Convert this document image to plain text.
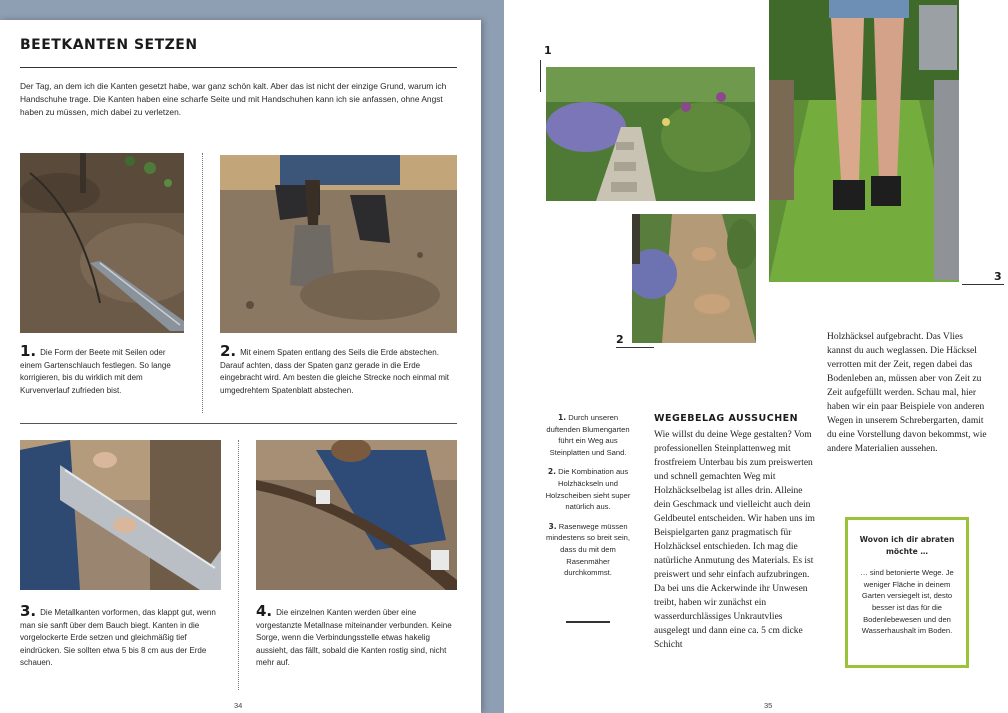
BEETKANTEN SETZEN
Der Tag, an dem ich die Kanten gesetzt habe, war ganz schön kalt. Aber das ist nicht der einzige Grund, warum ich Handschuhe trage. Die Kanten haben eine scharfe Seite und mit Handschuhen kann ich sie anfassen, ohne Angst haben zu müssen, mich dabei zu verletzen.
1. Die Form der Beete mit Seilen oder einem Gartenschlauch festlegen. So lange korrigieren, bis du wirklich mit dem Kurvenverlauf zufrieden bist.
2. Mit einem Spaten entlang des Seils die Erde abstechen. Darauf achten, dass der Spaten ganz gerade in die Erde eingebracht wird. Am besten die gleiche Strecke noch einmal mit umgedrehtem Spatenblatt abstechen.
3. Die Metallkanten vorformen, das klappt gut, wenn man sie sanft über dem Bauch biegt. Kanten in die vorgelockerte Erde setzen und gleichmäßig tief eindrücken. Sie sollten etwa 5 bis 8 cm aus der Erde schauen.
4. Die einzelnen Kanten werden über eine vorgestanzte Metallnase miteinander verbunden. Keine Sorge, wenn die Verbindungsstelle etwas hakelig aussieht, das fällt, sobald die Kanten rostig sind, nicht mehr auf.
34
1
2
3
1. Durch unseren duftenden Blumengarten führt ein Weg aus Steinplatten und Sand.
2. Die Kombination aus Holzhäckseln und Holzscheiben sieht super natürlich aus.
3. Rasenwege müssen mindestens so breit sein, dass du mit dem Rasenmäher durchkommst.
WEGEBELAG AUSSUCHEN
Wie willst du deine Wege gestalten? Vom professionellen Steinplattenweg mit frostfreiem Unterbau bis zum preiswerten und schnell gemachten Weg mit Holzhäckselbelag ist alles drin. Alleine dein Geschmack und vielleicht auch dein Geldbeutel entscheiden. Wir haben uns im Beispielgarten ganz pragmatisch für Holzhäcksel entschieden. Ich mag die natürliche Anmutung des Materials. Es ist preiswert und sehr einfach aufzubringen. Da bei uns die Ackerwinde ihr Unwesen treibt, haben wir zunächst ein wasserdurchlässiges Unkrautvlies ausgelegt und dann eine ca. 5 cm dicke Schicht
Holzhäcksel aufgebracht. Das Vlies kannst du auch weglassen. Die Häcksel verrotten mit der Zeit, regen dabei das Bodenleben an, müssen aber von Zeit zu Zeit aufgefüllt werden. Schau mal, hier haben wir ein paar Beispiele von anderen Wegen in unserem Schrebergarten, damit du eine Vorstellung davon bekommst, wie andere Materialien aussehen.
Wovon ich dir abraten möchte …
… sind betonierte Wege. Je weniger Fläche in deinem Garten versiegelt ist, desto besser ist das für die Bodenlebewesen und den Wasserhaushalt im Boden.
35
